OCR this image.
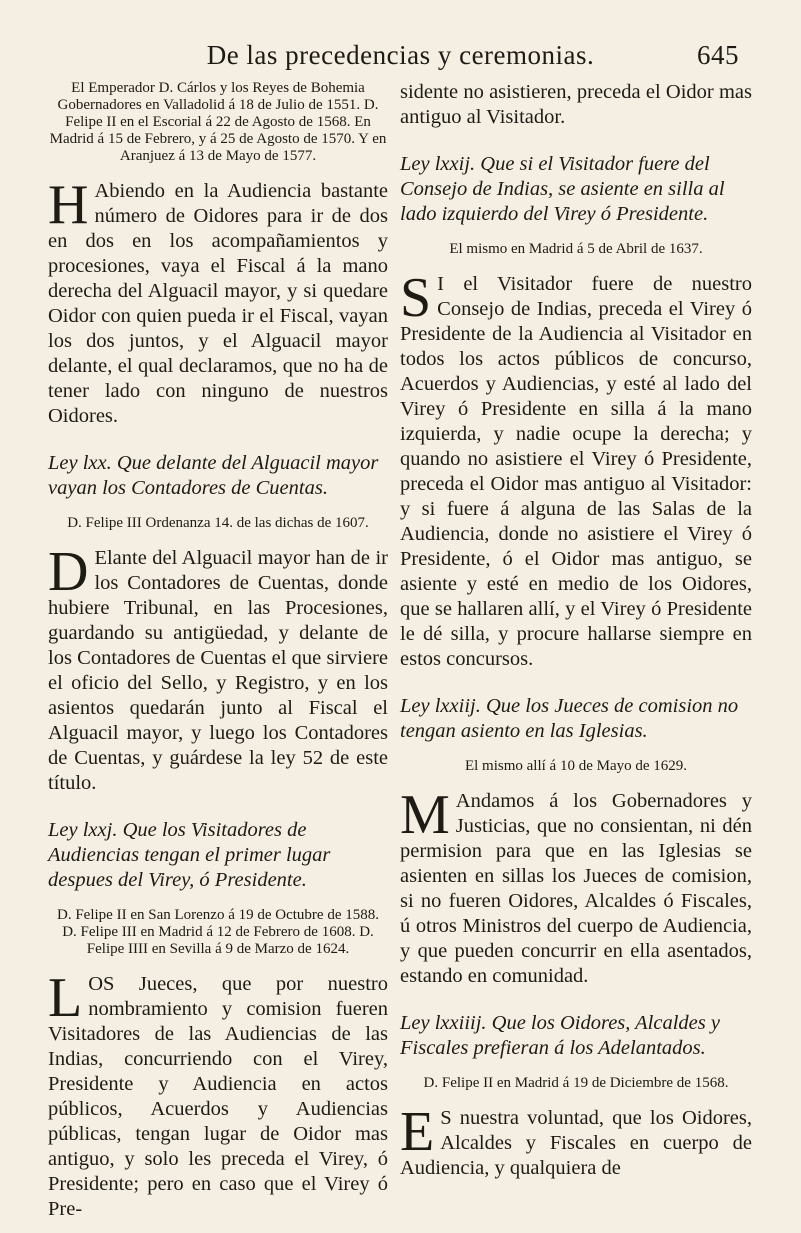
De las precedencias y ceremonias.	645

El Emperador D. Cárlos y los Reyes de Bohemia Gobernadores en Valladolid á 18 de Julio de 1551. D. Felipe II en el Escorial á 22 de Agosto de 1568. En Madrid á 15 de Febrero, y á 25 de Agosto de 1570. Y en Aranjuez á 13 de Mayo de 1577.

H Abiendo en la Audiencia bastante número de Oidores para ir de dos en dos en los acompañamientos y procesiones, vaya el Fiscal á la mano derecha del Alguacil mayor, y si quedare Oidor con quien pueda ir el Fiscal, vayan los dos juntos, y el Alguacil mayor delante, el qual declaramos, que no ha de tener lado con ninguno de nuestros Oidores.

Ley lxx. Que delante del Alguacil mayor vayan los Contadores de Cuentas.

D. Felipe III Ordenanza 14. de las dichas de 1607.

D Elante del Alguacil mayor han de ir los Contadores de Cuentas, donde hubiere Tribunal, en las Procesiones, guardando su antigüedad, y delante de los Contadores de Cuentas el que sirviere el oficio del Sello, y Registro, y en los asientos quedarán junto al Fiscal el Alguacil mayor, y luego los Contadores de Cuentas, y guárdese la ley 52 de este título.

Ley lxxj. Que los Visitadores de Audiencias tengan el primer lugar despues del Virey, ó Presidente.

D. Felipe II en San Lorenzo á 19 de Octubre de 1588. D. Felipe III en Madrid á 12 de Febrero de 1608. D. Felipe IIII en Sevilla á 9 de Marzo de 1624.

LOS Jueces, que por nuestro nombramiento y comision fueren Visitadores de las Audiencias de las Indias, concurriendo con el Virey, Presidente y Audiencia en actos públicos, Acuerdos y Audiencias públicas, tengan lugar de Oidor mas antiguo, y solo les preceda el Virey, ó Presidente; pero en caso que el Virey ó Pre-

sidente no asistieren, preceda el Oidor mas antiguo al Visitador.

Ley lxxij. Que si el Visitador fuere del Consejo de Indias, se asiente en silla al lado izquierdo del Virey ó Presidente.

El mismo en Madrid á 5 de Abril de 1637.

S I el Visitador fuere de nuestro Consejo de Indias, preceda el Virey ó Presidente de la Audiencia al Visitador en todos los actos públicos de concurso, Acuerdos y Audiencias, y esté al lado del Virey ó Presidente en silla á la mano izquierda, y nadie ocupe la derecha; y quando no asistiere el Virey ó Presidente, preceda el Oidor mas antiguo al Visitador: y si fuere á alguna de las Salas de la Audiencia, donde no asistiere el Virey ó Presidente, ó el Oidor mas antiguo, se asiente y esté en medio de los Oidores, que se hallaren allí, y el Virey ó Presidente le dé silla, y procure hallarse siempre en estos concursos.

Ley lxxiij. Que los Jueces de comision no tengan asiento en las Iglesias.

El mismo allí á 10 de Mayo de 1629.

M Andamos á los Gobernadores y Justicias, que no consientan, ni dén permision para que en las Iglesias se asienten en sillas los Jueces de comision, si no fueren Oidores, Alcaldes ó Fiscales, ú otros Ministros del cuerpo de Audiencia, y que pueden concurrir en ella asentados, estando en comunidad.

Ley lxxiiij. Que los Oidores, Alcaldes y Fiscales prefieran á los Adelantados.

D. Felipe II en Madrid á 19 de Diciembre de 1568.

E S nuestra voluntad, que los Oidores, Alcaldes y Fiscales en cuerpo de Audiencia, y qualquiera de
